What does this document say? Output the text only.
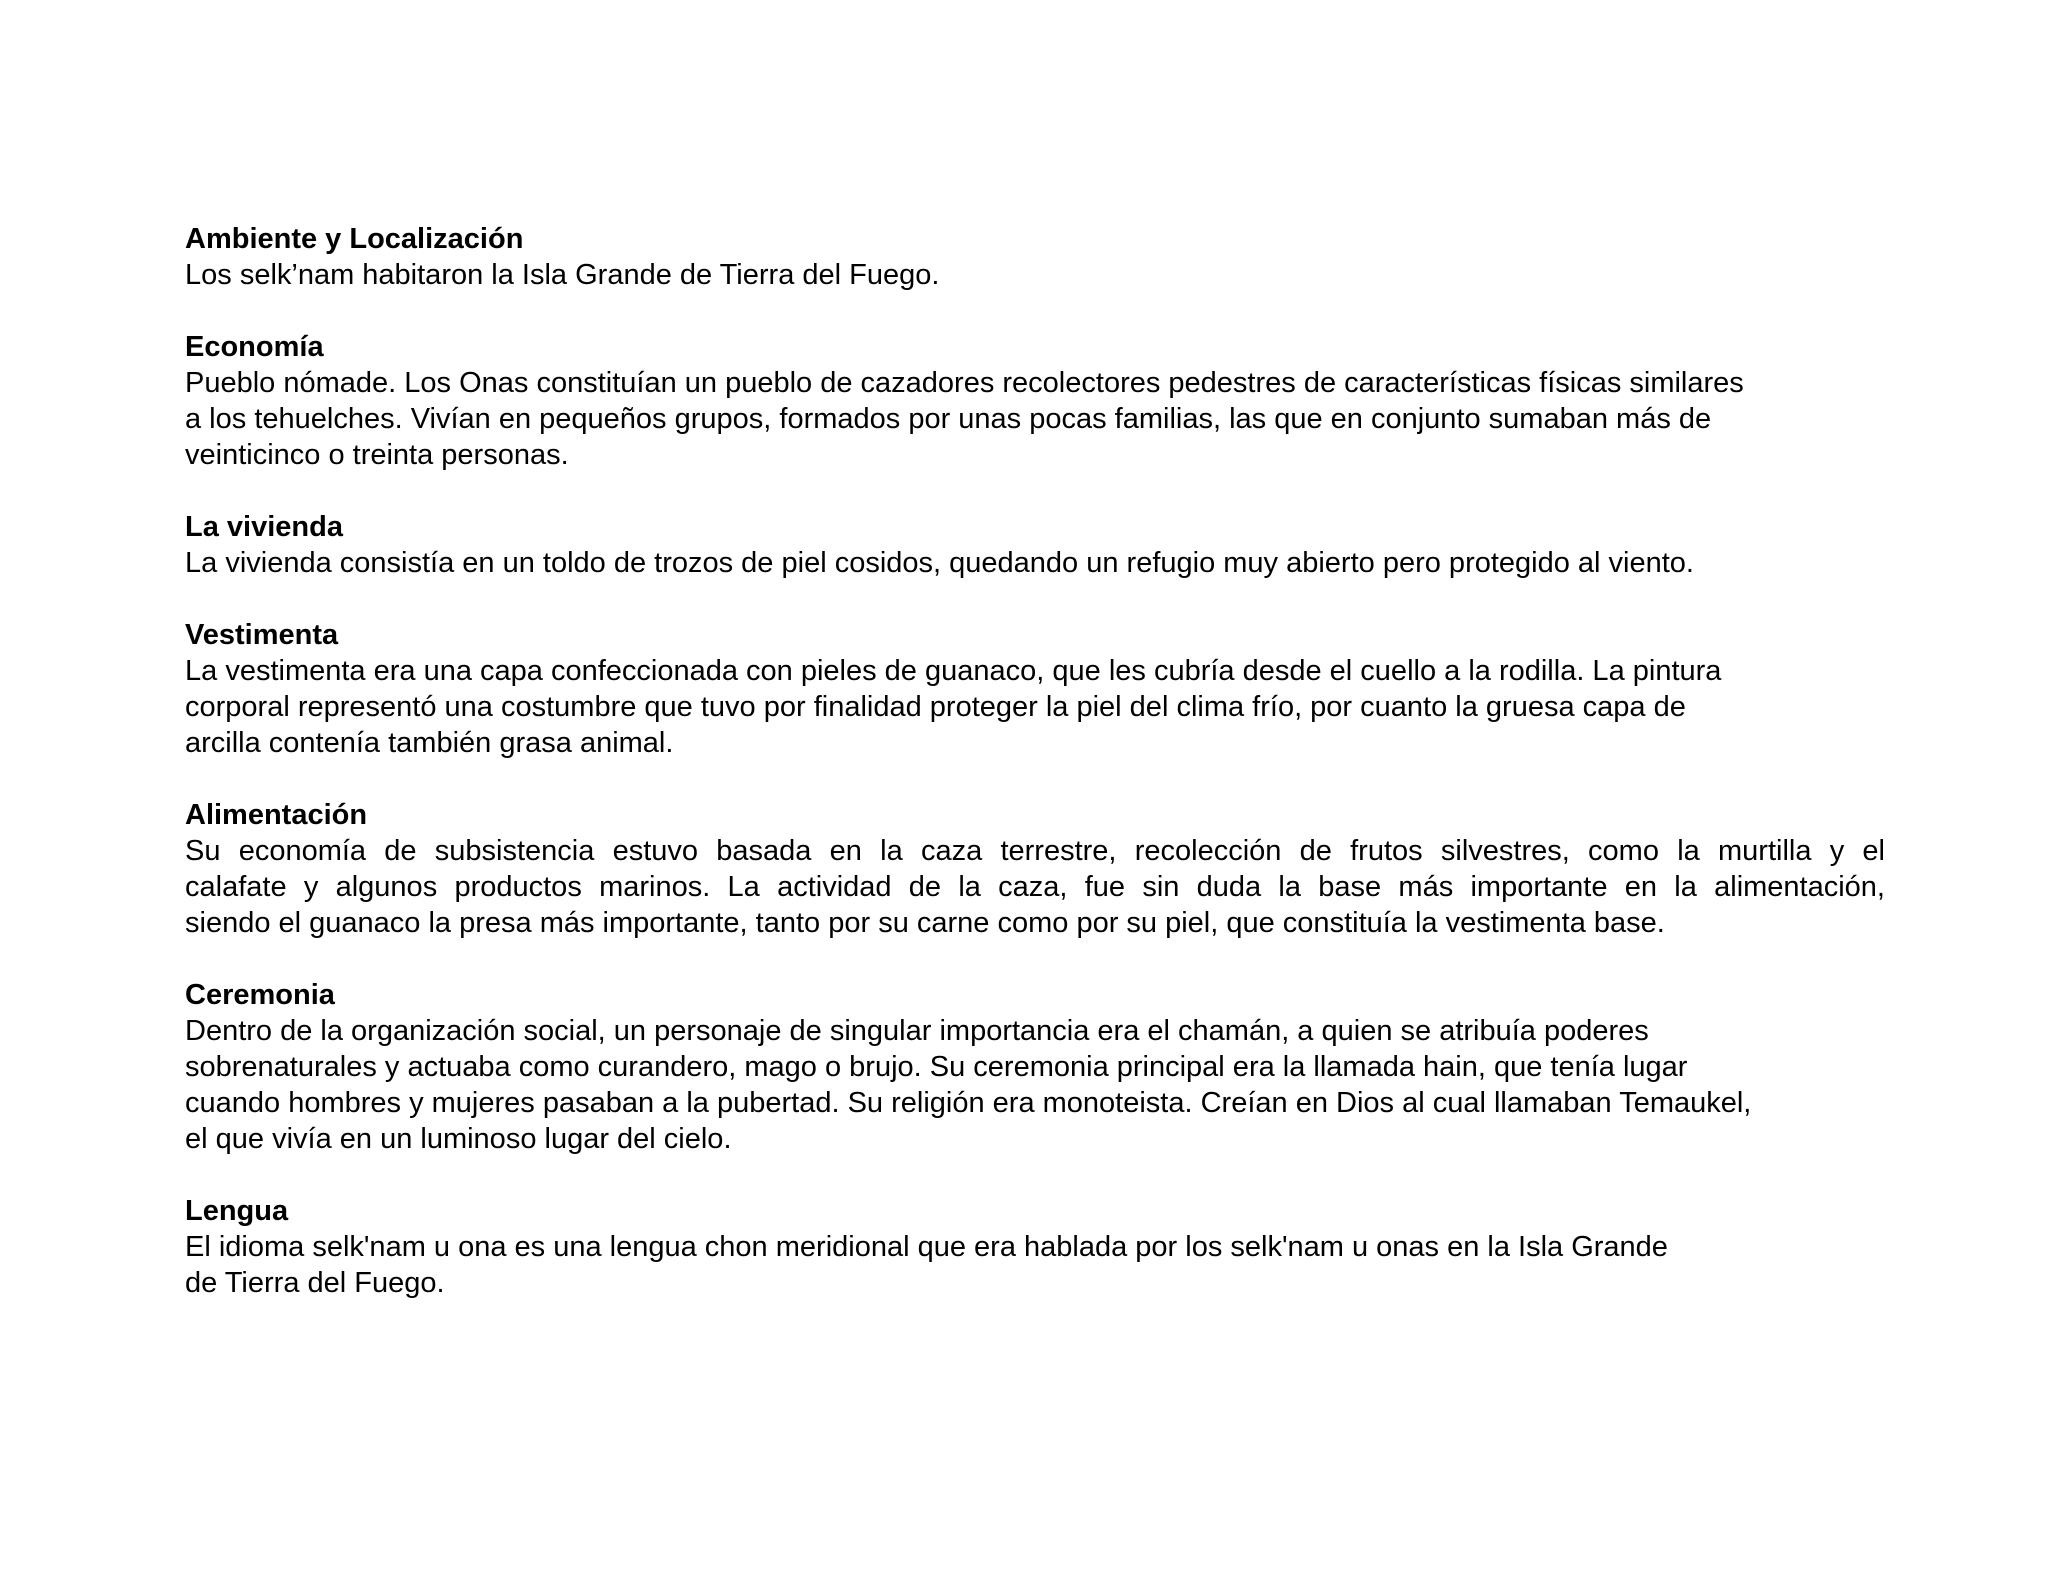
Ambiente y Localización

Los selk’nam habitaron la Isla Grande de Tierra del Fuego.

Economía

Pueblo nómade. Los Onas constituían un pueblo de cazadores recolectores pedestres de características físicas similares

a los tehuelches. Vivían en pequeños grupos, formados por unas pocas familias, las que en conjunto sumaban más de

veinticinco o treinta personas.

La vivienda

La vivienda consistía en un toldo de trozos de piel cosidos, quedando un refugio muy abierto pero protegido al viento.

Vestimenta

La vestimenta era una capa confeccionada con pieles de guanaco, que les cubría desde el cuello a la rodilla. La pintura

corporal representó una costumbre que tuvo por finalidad proteger la piel del clima frío, por cuanto la gruesa capa de

arcilla contenía también grasa animal.

Alimentación

Su economía de subsistencia estuvo basada en la caza terrestre, recolección de frutos silvestres, como la murtilla y el

calafate y algunos productos marinos. La actividad de la caza, fue sin duda la base más importante en la alimentación,

siendo el guanaco la presa más importante, tanto por su carne como por su piel, que constituía la vestimenta base.

Ceremonia

Dentro de la organización social, un personaje de singular importancia era el chamán, a quien se atribuía poderes

sobrenaturales y actuaba como curandero, mago o brujo. Su ceremonia principal era la llamada hain, que tenía lugar

cuando hombres y mujeres pasaban a la pubertad. Su religión era monoteista. Creían en Dios al cual llamaban Temaukel,

el que vivía en un luminoso lugar del cielo.

Lengua

El idioma selk'nam u ona es una lengua chon meridional que era hablada por los selk'nam u onas en la Isla Grande

de Tierra del Fuego.
